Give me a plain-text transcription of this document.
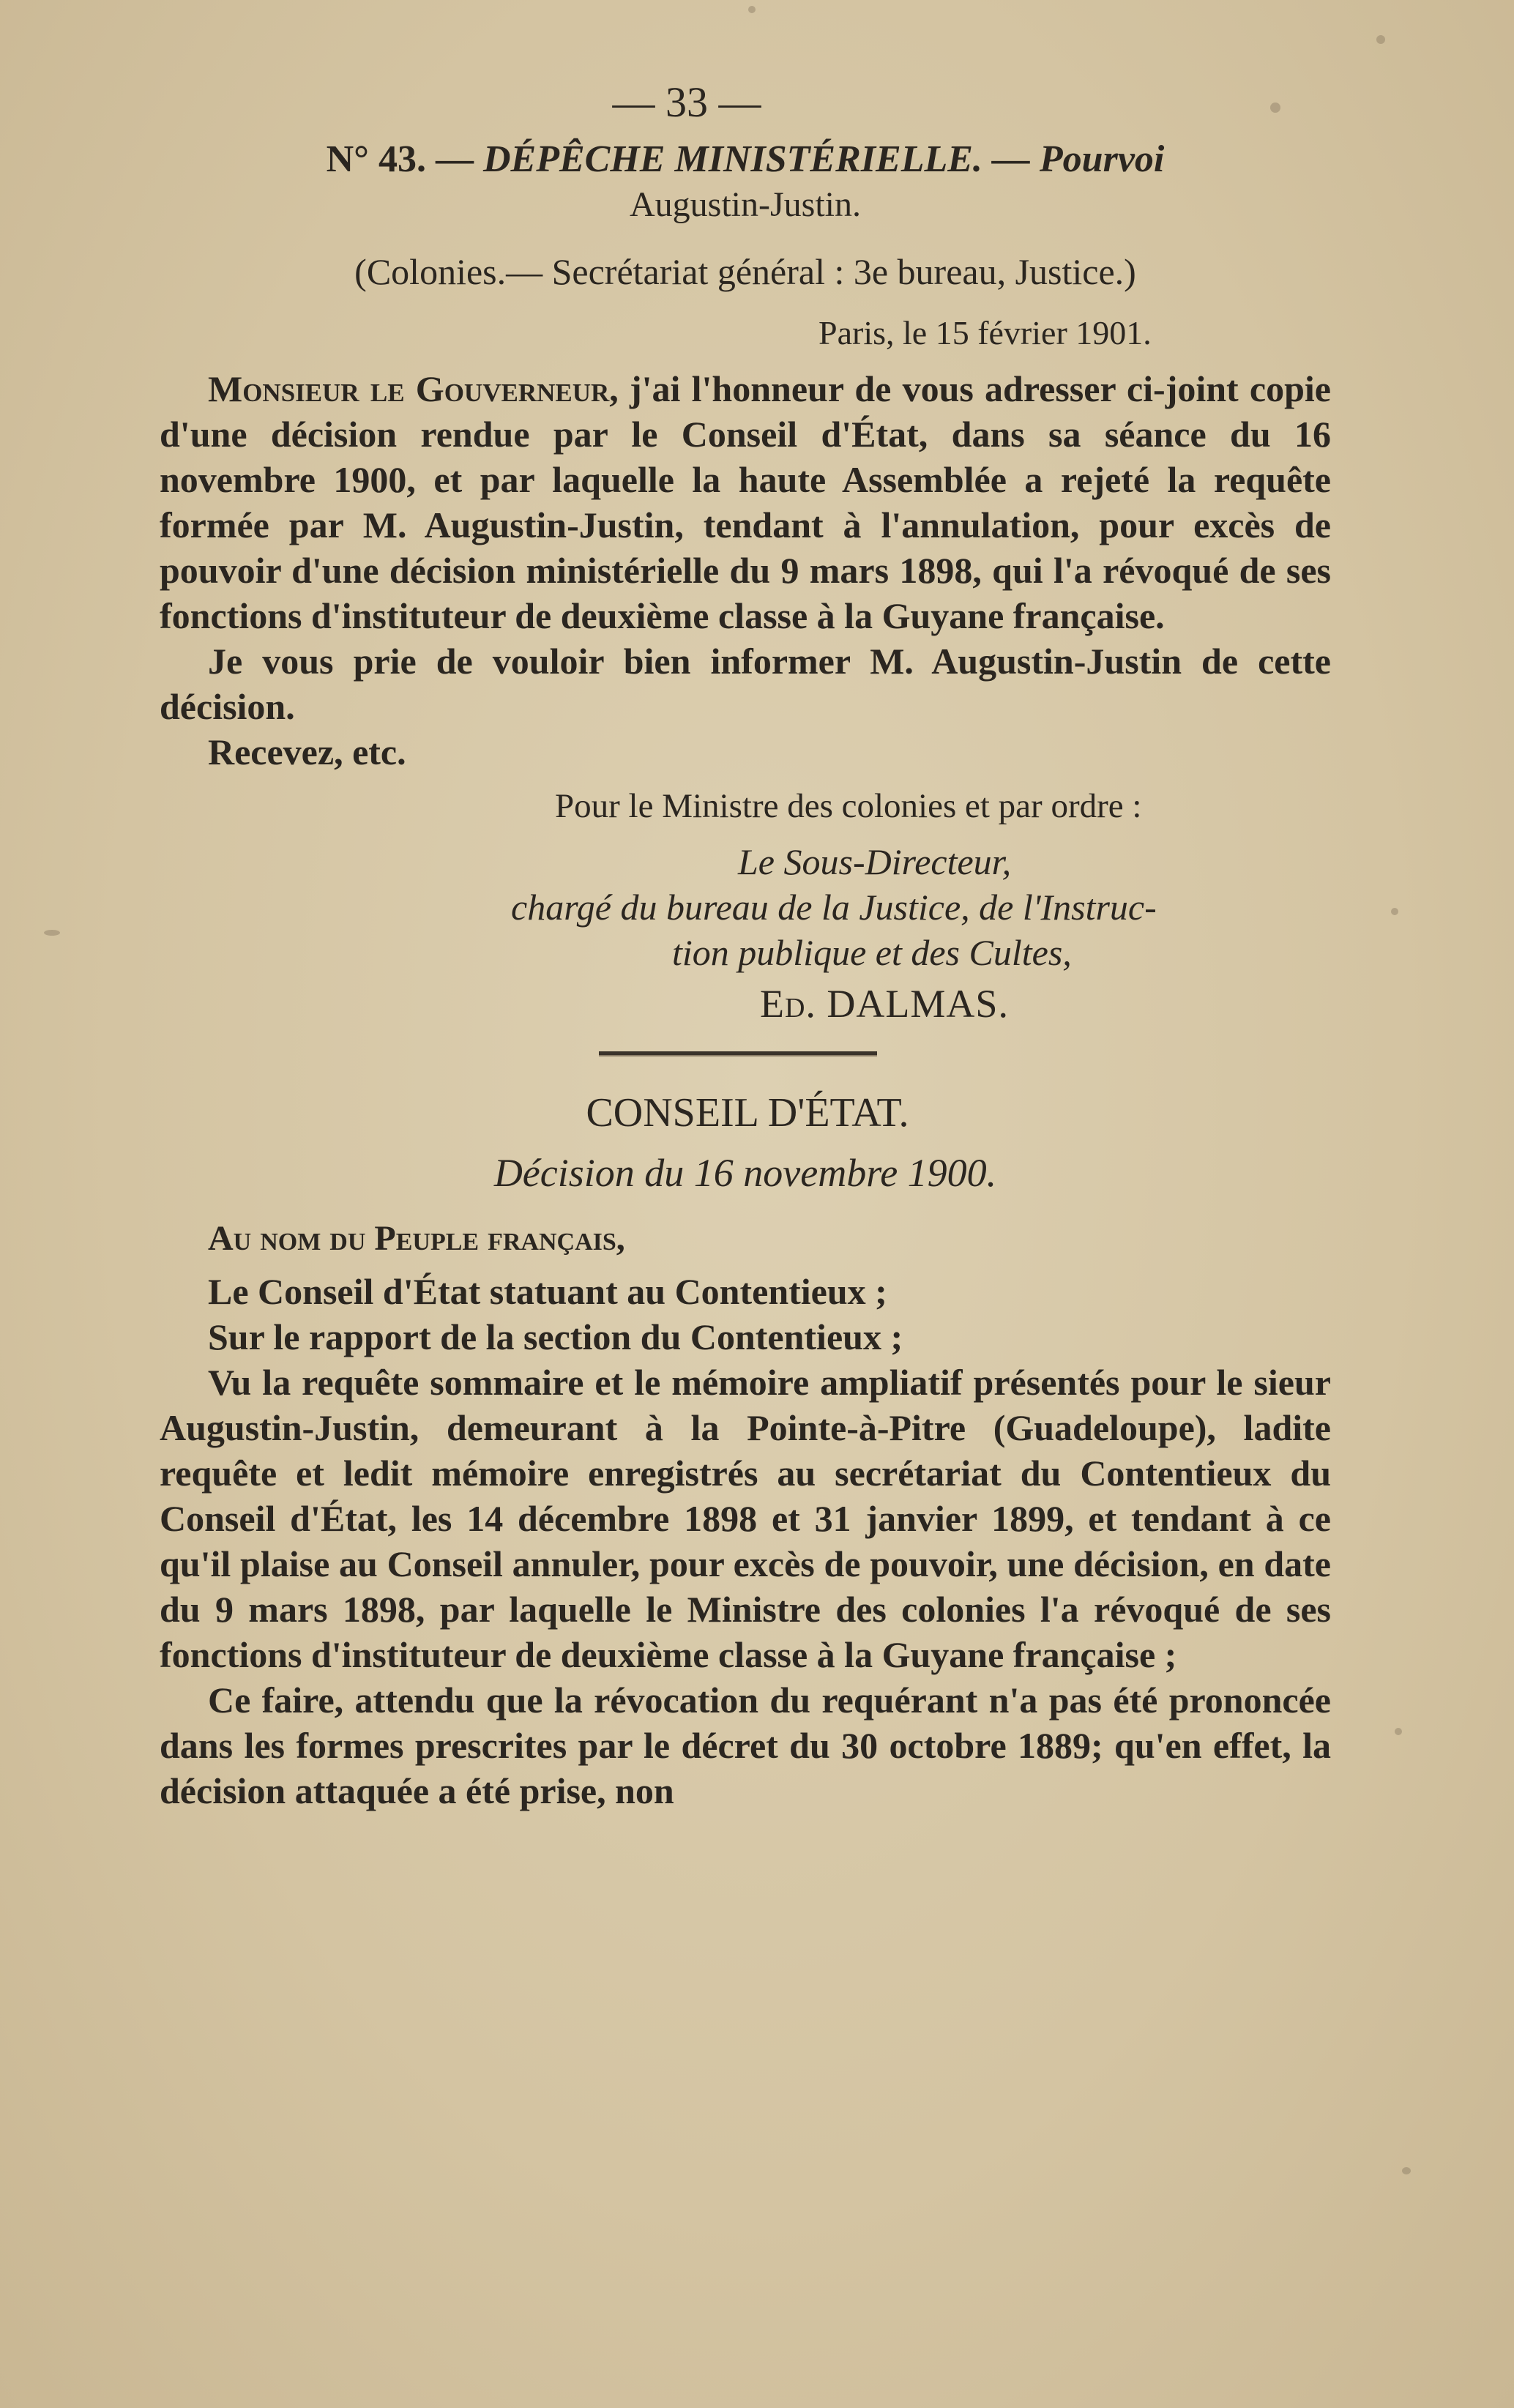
— 33 —
N° 43. — DÉPÊCHE MINISTÉRIELLE. — Pourvoi
Augustin-Justin.
(Colonies.— Secrétariat général : 3e bureau, Justice.)
Paris, le 15 février 1901.
Monsieur le Gouverneur, j'ai l'honneur de vous adresser ci-joint copie d'une décision rendue par le Conseil d'État, dans sa séance du 16 novembre 1900, et par laquelle la haute Assemblée a rejeté la requête formée par M. Augustin-Justin, tendant à l'annulation, pour excès de pouvoir d'une décision ministérielle du 9 mars 1898, qui l'a révoqué de ses fonctions d'instituteur de deuxième classe à la Guyane française.
Je vous prie de vouloir bien informer M. Augustin-Justin de cette décision.
Recevez, etc.
Pour le Ministre des colonies et par ordre :
Le Sous-Directeur,
chargé du bureau de la Justice, de l'Instruc-
tion publique et des Cultes,
Ed. DALMAS.
CONSEIL D'ÉTAT.
Décision du 16 novembre 1900.
Au nom du Peuple français,
Le Conseil d'État statuant au Contentieux ;
Sur le rapport de la section du Contentieux ;
Vu la requête sommaire et le mémoire ampliatif présentés pour le sieur Augustin-Justin, demeurant à la Pointe-à-Pitre (Guadeloupe), ladite requête et ledit mémoire enregistrés au secrétariat du Contentieux du Conseil d'État, les 14 décembre 1898 et 31 janvier 1899, et tendant à ce qu'il plaise au Conseil annuler, pour excès de pouvoir, une décision, en date du 9 mars 1898, par laquelle le Ministre des colonies l'a révoqué de ses fonctions d'instituteur de deuxième classe à la Guyane française ;
Ce faire, attendu que la révocation du requérant n'a pas été prononcée dans les formes prescrites par le décret du 30 octobre 1889; qu'en effet, la décision attaquée a été prise, non
